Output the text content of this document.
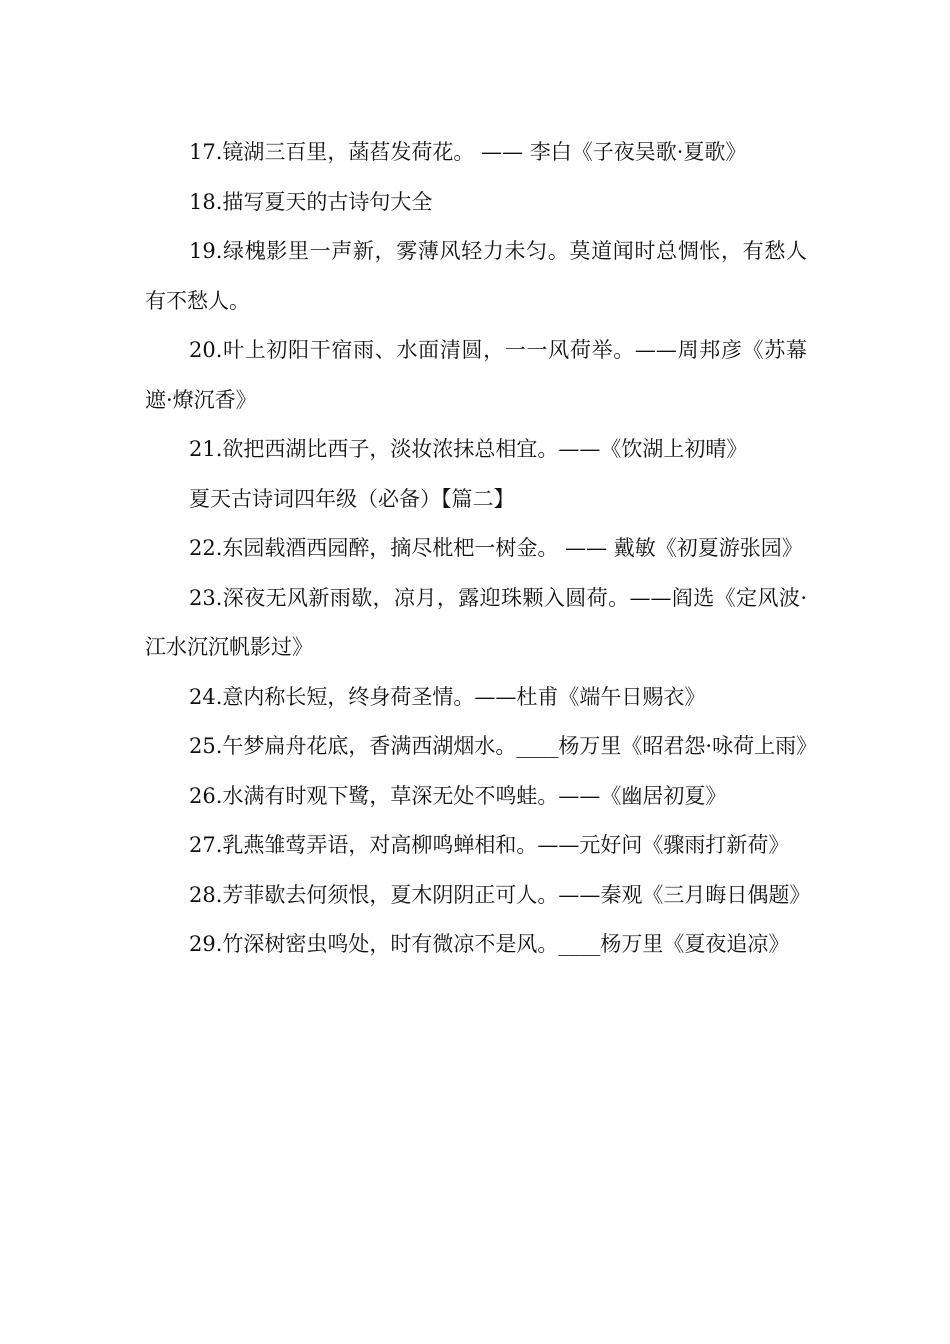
17.镜湖三百里，菡萏发荷花。 —— 李白《子夜吴歌·夏歌》

18.描写夏天的古诗句大全

19.绿槐影里一声新，雾薄风轻力未匀。莫道闻时总惆怅，有愁人有不愁人。

20.叶上初阳干宿雨、水面清圆，一一风荷举。——周邦彦《苏幕遮·燎沉香》

21.欲把西湖比西子，淡妆浓抹总相宜。——《饮湖上初晴》

夏天古诗词四年级（必备）【篇二】

22.东园载酒西园醉，摘尽枇杷一树金。 —— 戴敏《初夏游张园》

23.深夜无风新雨歇，凉月，露迎珠颗入圆荷。——阎选《定风波·江水沉沉帆影过》

24.意内称长短，终身荷圣情。——杜甫《端午日赐衣》

25.午梦扁舟花底，香满西湖烟水。____杨万里《昭君怨·咏荷上雨》

26.水满有时观下鹭，草深无处不鸣蛙。——《幽居初夏》

27.乳燕雏莺弄语，对高柳鸣蝉相和。——元好问《骤雨打新荷》

28.芳菲歇去何须恨，夏木阴阴正可人。——秦观《三月晦日偶题》

29.竹深树密虫鸣处，时有微凉不是风。____杨万里《夏夜追凉》
